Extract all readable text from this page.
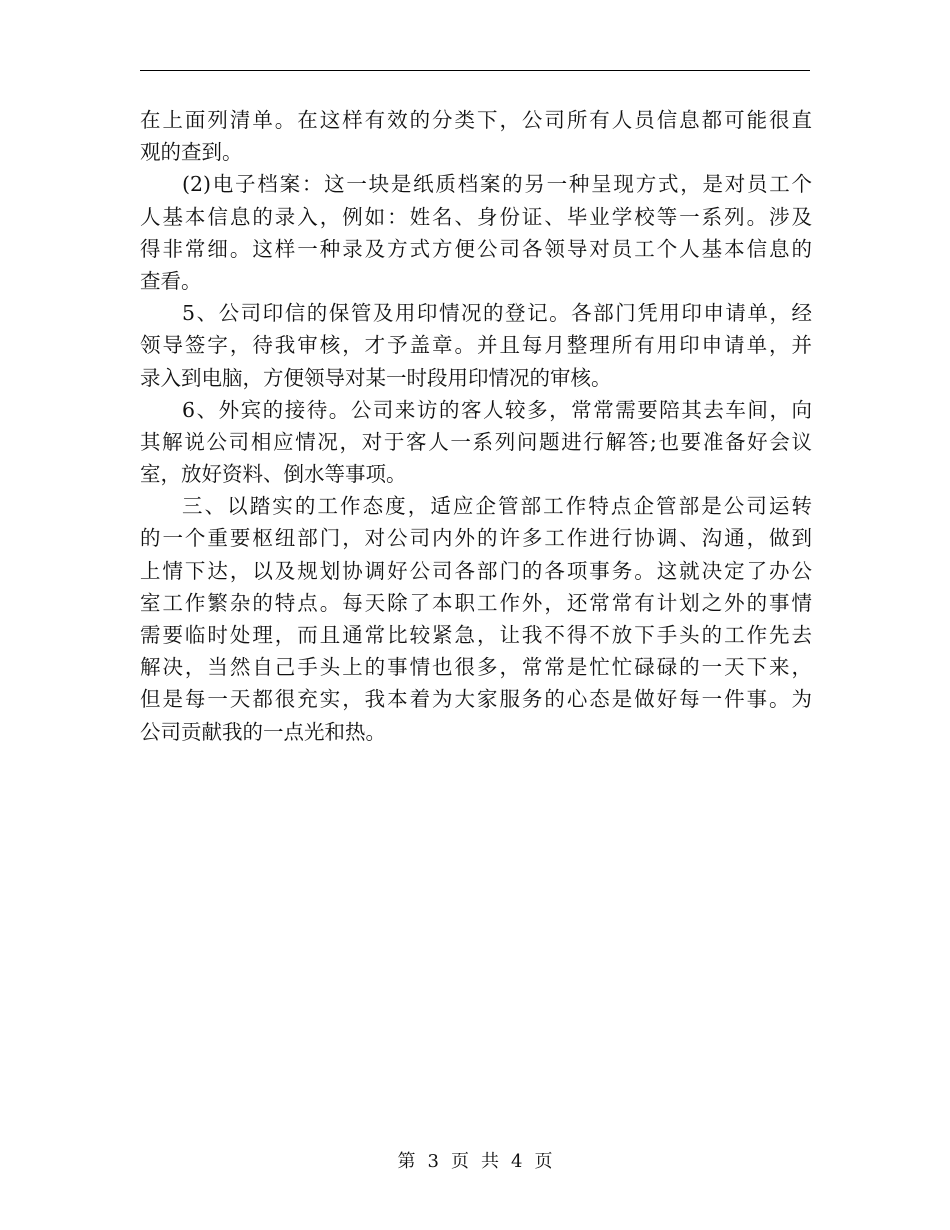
在上面列清单。在这样有效的分类下，公司所有人员信息都可能很直
观的查到。
(2)电子档案：这一块是纸质档案的另一种呈现方式，是对员工个
人基本信息的录入，例如：姓名、身份证、毕业学校等一系列。涉及
得非常细。这样一种录及方式方便公司各领导对员工个人基本信息的
查看。
5、公司印信的保管及用印情况的登记。各部门凭用印申请单，经
领导签字，待我审核，才予盖章。并且每月整理所有用印申请单，并
录入到电脑，方便领导对某一时段用印情况的审核。
6、外宾的接待。公司来访的客人较多，常常需要陪其去车间，向
其解说公司相应情况，对于客人一系列问题进行解答;也要准备好会议
室，放好资料、倒水等事项。
三、以踏实的工作态度，适应企管部工作特点企管部是公司运转
的一个重要枢纽部门，对公司内外的许多工作进行协调、沟通，做到
上情下达，以及规划协调好公司各部门的各项事务。这就决定了办公
室工作繁杂的特点。每天除了本职工作外，还常常有计划之外的事情
需要临时处理，而且通常比较紧急，让我不得不放下手头的工作先去
解决，当然自己手头上的事情也很多，常常是忙忙碌碌的一天下来，
但是每一天都很充实，我本着为大家服务的心态是做好每一件事。为
公司贡献我的一点光和热。
第 3 页 共 4 页
